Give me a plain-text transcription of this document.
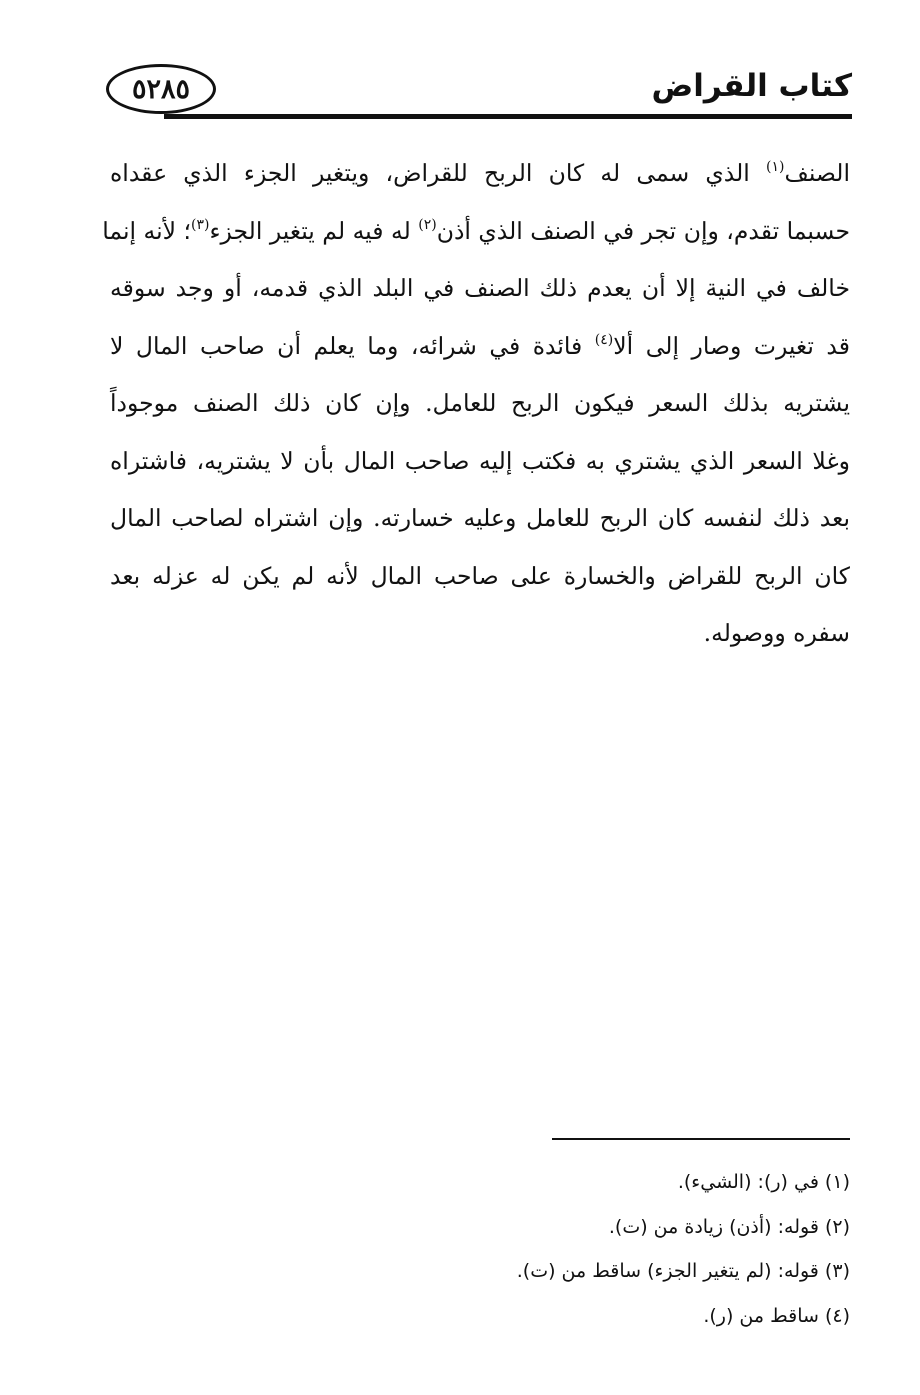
٥٢٨٥	كتاب القراض
الصنف$^{(١)}$ الذي سمى له كان الربح للقراض، ويتغير الجزء الذي عقداه
حسبما تقدم، وإن تجر في الصنف الذي أذن$^{(٢)}$ له فيه لم يتغير الجزء$^{(٣)}$؛ لأنه إنما
خالف في النية إلا أن يعدم ذلك الصنف في البلد الذي قدمه، أو وجد سوقه
قد تغيرت وصار إلى ألا$^{(٤)}$ فائدة في شرائه، وما يعلم أن صاحب المال لا
يشتريه بذلك السعر فيكون الربح للعامل. وإن كان ذلك الصنف موجوداً
وغلا السعر الذي يشتري به فكتب إليه صاحب المال بأن لا يشتريه، فاشتراه
بعد ذلك لنفسه كان الربح للعامل وعليه خسارته. وإن اشتراه لصاحب المال
كان الربح للقراض والخسارة على صاحب المال لأنه لم يكن له عزله بعد
سفره ووصوله.
(١) في (ر): (الشيء).
(٢) قوله: (أذن) زيادة من (ت).
(٣) قوله: (لم يتغير الجزء) ساقط من (ت).
(٤) ساقط من (ر).
